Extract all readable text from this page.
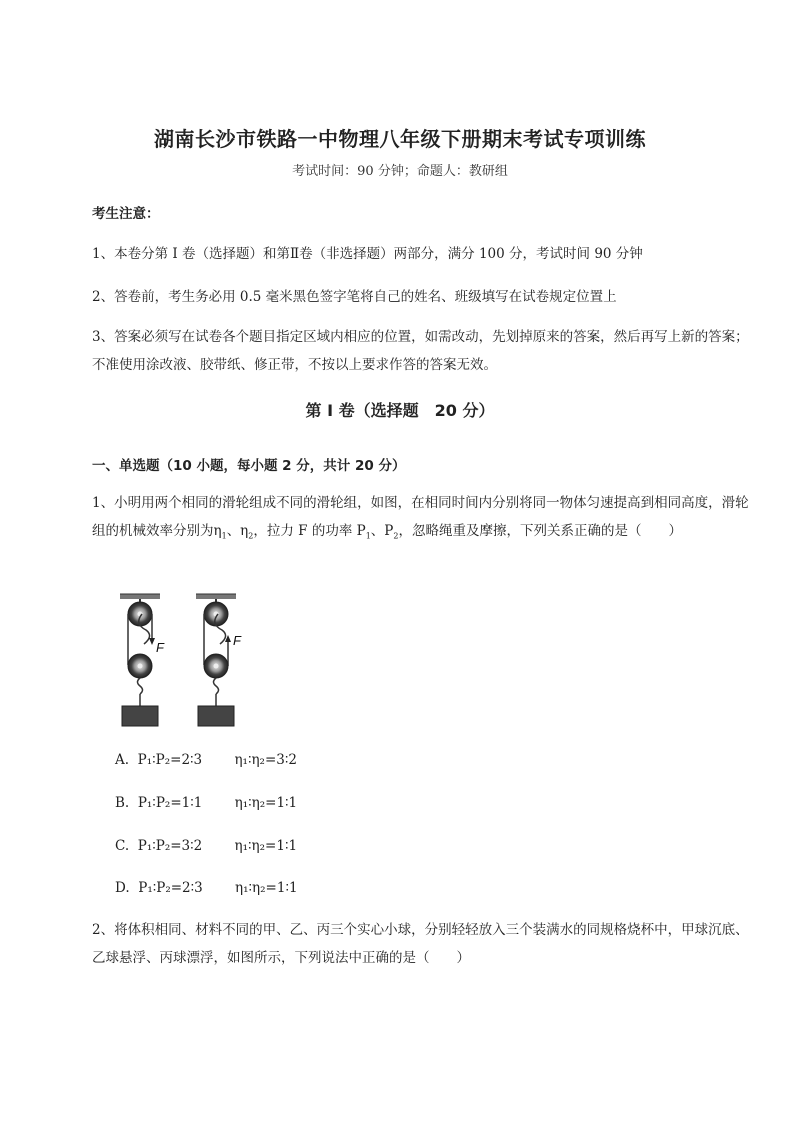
湖南长沙市铁路一中物理八年级下册期末考试专项训练
考试时间：90 分钟；命题人：教研组
考生注意：
1、本卷分第 I 卷（选择题）和第Ⅱ卷（非选择题）两部分，满分 100 分，考试时间 90 分钟
2、答卷前，考生务必用 0.5 毫米黑色签字笔将自己的姓名、班级填写在试卷规定位置上
3、答案必须写在试卷各个题目指定区域内相应的位置，如需改动，先划掉原来的答案，然后再写上新的答案；不准使用涂改液、胶带纸、修正带，不按以上要求作答的答案无效。
第 I 卷（选择题　20 分）
一、单选题（10 小题，每小题 2 分，共计 20 分）
1、小明用两个相同的滑轮组成不同的滑轮组，如图，在相同时间内分别将同一物体匀速提高到相同高度，滑轮组的机械效率分别为$\eta_1$、$\eta_2$，拉力 F 的功率 $P_1$、$P_2$，忽略绳重及摩擦，下列关系正确的是（　　）
F	F
A. P₁∶P₂=2∶3 η₁∶η₂=3∶2
B. P₁∶P₂=1∶1 η₁∶η₂=1∶1
C. P₁∶P₂=3∶2 η₁∶η₂=1∶1
D. P₁∶P₂=2∶3 η₁∶η₂=1∶1
2、将体积相同、材料不同的甲、乙、丙三个实心小球，分别轻轻放入三个装满水的同规格烧杯中，甲球沉底、乙球悬浮、丙球漂浮，如图所示，下列说法中正确的是（　　）
